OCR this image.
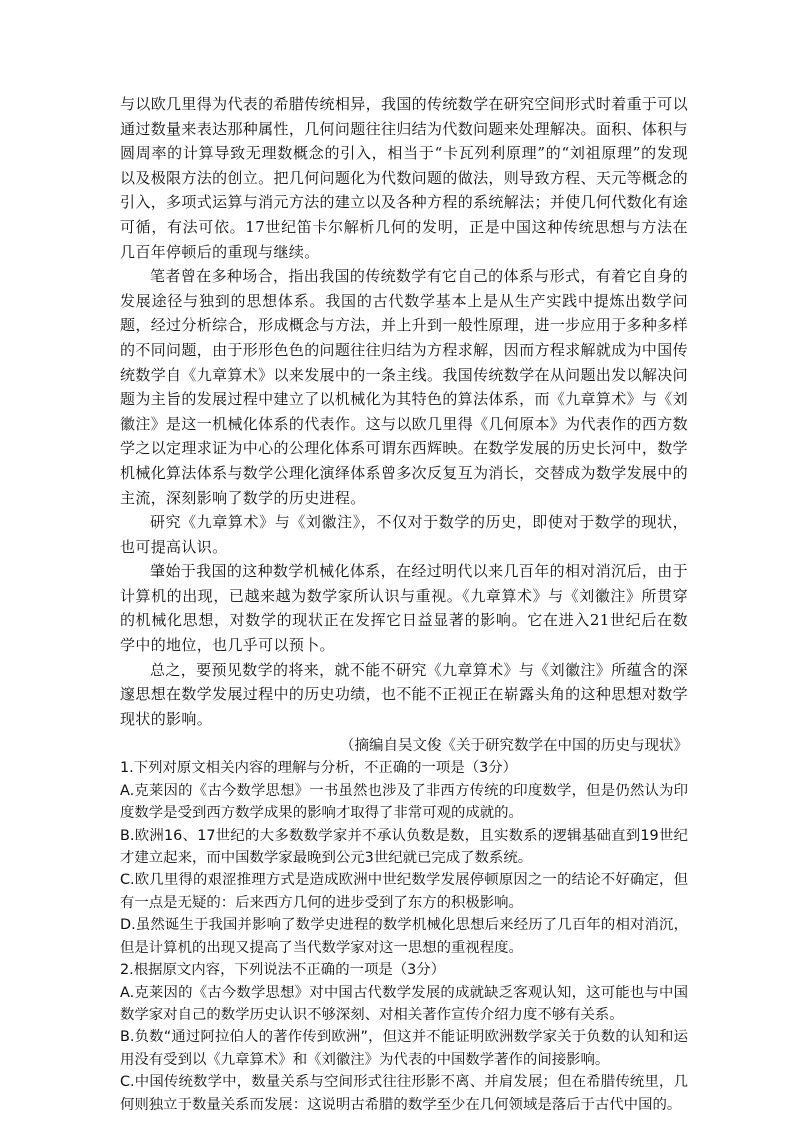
与以欧几里得为代表的希腊传统相异，我国的传统数学在研究空间形式时着重于可以通过数量来表达那种属性，几何问题往往归结为代数问题来处理解决。面积、体积与圆周率的计算导致无理数概念的引入，相当于“卡瓦列利原理”的“刘祖原理”的发现以及极限方法的创立。把几何问题化为代数问题的做法，则导致方程、天元等概念的引入，多项式运算与消元方法的建立以及各种方程的系统解法；并使几何代数化有途可循，有法可依。17世纪笛卡尔解析几何的发明，正是中国这种传统思想与方法在几百年停顿后的重现与继续。

笔者曾在多种场合，指出我国的传统数学有它自己的体系与形式，有着它自身的发展途径与独到的思想体系。我国的古代数学基本上是从生产实践中提炼出数学问题，经过分析综合，形成概念与方法，并上升到一般性原理，进一步应用于多种多样的不同问题，由于形形色色的问题往往归结为方程求解，因而方程求解就成为中国传统数学自《九章算术》以来发展中的一条主线。我国传统数学在从问题出发以解决问题为主旨的发展过程中建立了以机械化为其特色的算法体系，而《九章算术》与《刘徽注》是这一机械化体系的代表作。这与以欧几里得《几何原本》为代表作的西方数学之以定理求证为中心的公理化体系可谓东西辉映。在数学发展的历史长河中，数学机械化算法体系与数学公理化演绎体系曾多次反复互为消长，交替成为数学发展中的主流，深刻影响了数学的历史进程。

研究《九章算术》与《刘徽注》，不仅对于数学的历史，即使对于数学的现状，也可提高认识。

肇始于我国的这种数学机械化体系，在经过明代以来几百年的相对消沉后，由于计算机的出现，已越来越为数学家所认识与重视。《九章算术》与《刘徽注》所贯穿的机械化思想，对数学的现状正在发挥它日益显著的影响。它在进入21世纪后在数学中的地位，也几乎可以预卜。

总之，要预见数学的将来，就不能不研究《九章算术》与《刘徽注》所蕴含的深邃思想在数学发展过程中的历史功绩，也不能不正视正在崭露头角的这种思想对数学现状的影响。

（摘编自吴文俊《关于研究数学在中国的历史与现状》

1.下列对原文相关内容的理解与分析，不正确的一项是（3分）

A.克莱因的《古今数学思想》一书虽然也涉及了非西方传统的印度数学，但是仍然认为印度数学是受到西方数学成果的影响才取得了非常可观的成就的。

B.欧洲16、17世纪的大多数数学家并不承认负数是数，且实数系的逻辑基础直到19世纪才建立起来，而中国数学家最晚到公元3世纪就已完成了数系统。

C.欧几里得的艰涩推理方式是造成欧洲中世纪数学发展停顿原因之一的结论不好确定，但有一点是无疑的：后来西方几何的进步受到了东方的积极影响。

D.虽然诞生于我国并影响了数学史进程的数学机械化思想后来经历了几百年的相对消沉，但是计算机的出现又提高了当代数学家对这一思想的重视程度。

2.根据原文内容，下列说法不正确的一项是（3分）

A.克莱因的《古今数学思想》对中国古代数学发展的成就缺乏客观认知，这可能也与中国数学家对自己的数学历史认识不够深刻、对相关著作宣传介绍力度不够有关系。

B.负数“通过阿拉伯人的著作传到欧洲”，但这并不能证明欧洲数学家关于负数的认知和运用没有受到以《九章算术》和《刘徽注》为代表的中国数学著作的间接影响。

C.中国传统数学中，数量关系与空间形式往往形影不离、并肩发展；但在希腊传统里，几何则独立于数量关系而发展：这说明古希腊的数学至少在几何领域是落后于古代中国的。
